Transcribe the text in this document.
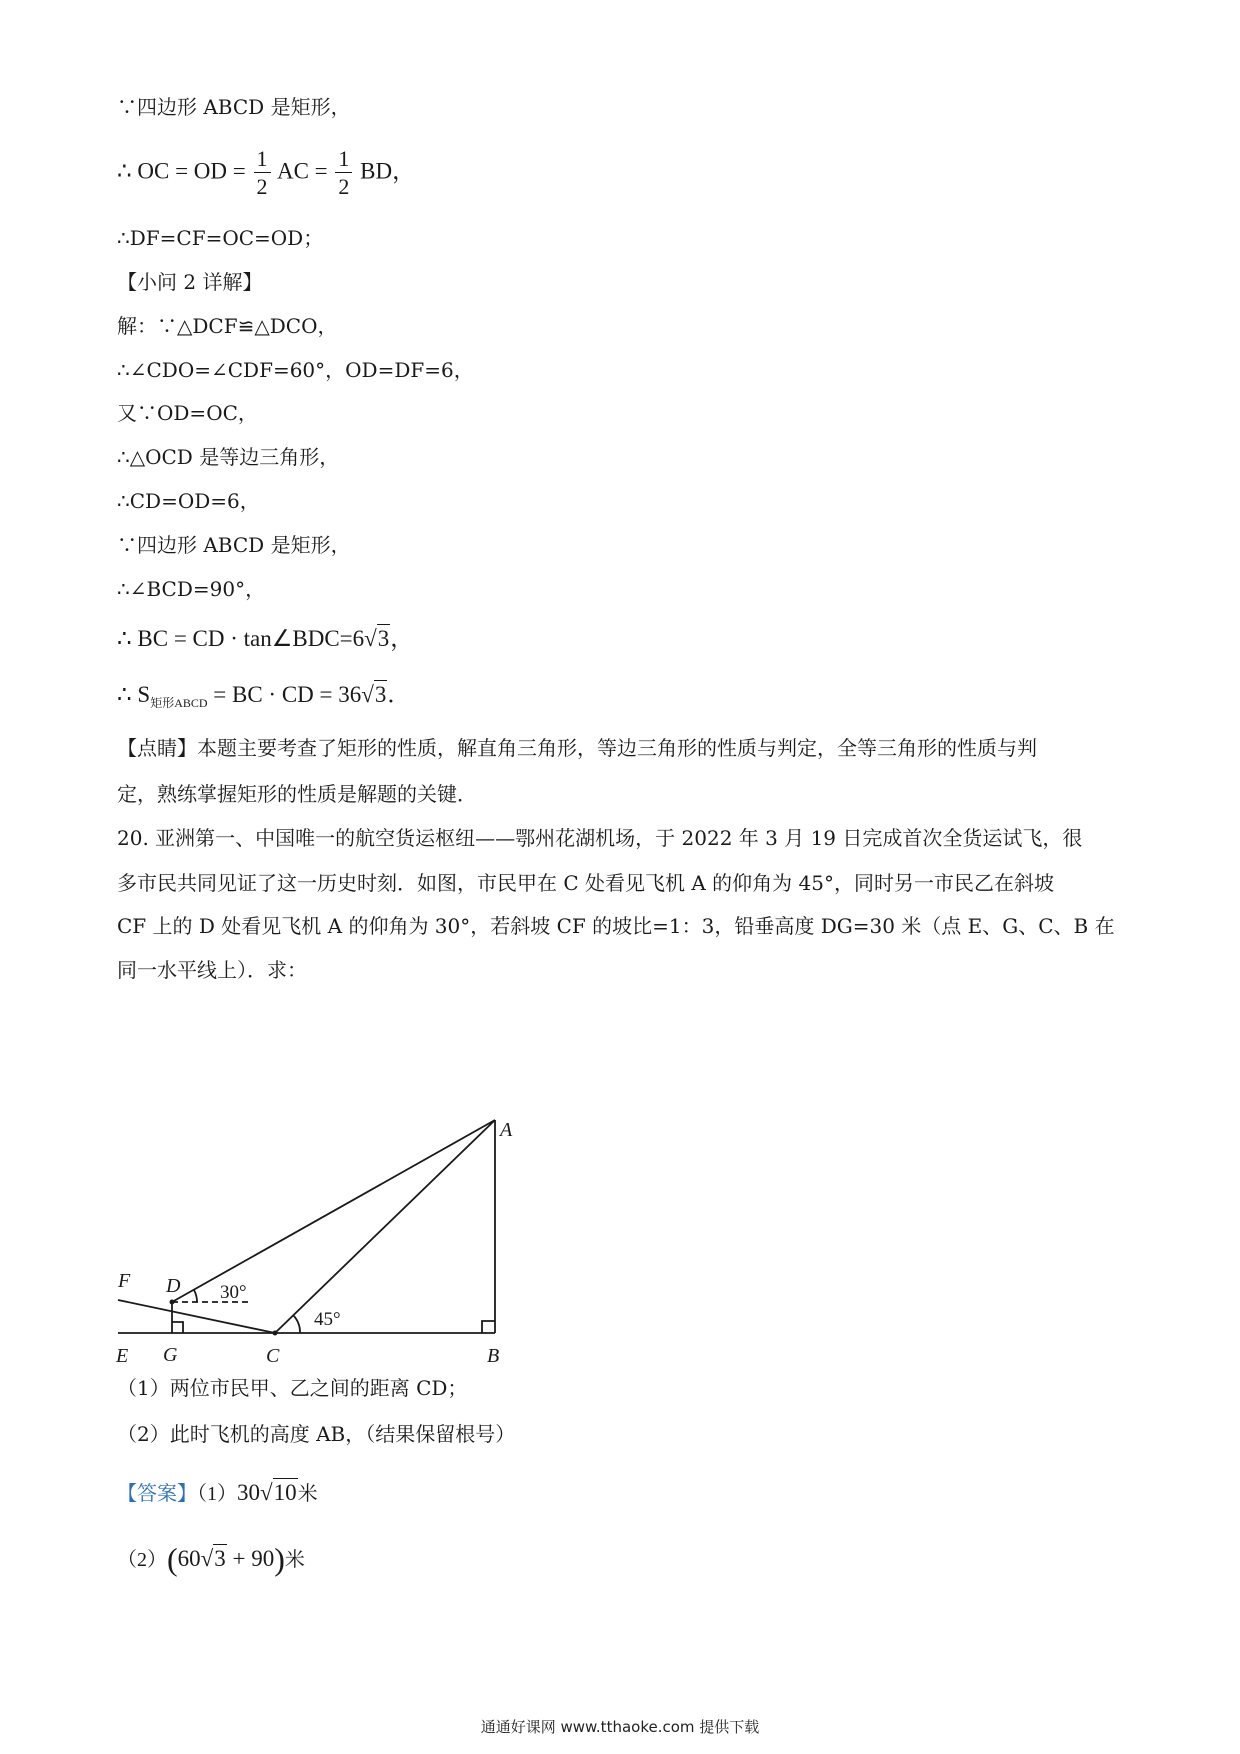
∵四边形 ABCD 是矩形，
∴ OC = OD = $\frac{1}{2}$ AC = $\frac{1}{2}$ BD，
∴DF=CF=OC=OD；
【小问 2 详解】
解：∵△DCF≌△DCO，
∴∠CDO=∠CDF=60°，OD=DF=6，
又∵OD=OC，
∴△OCD 是等边三角形，
∴CD=OD=6，
∵四边形 ABCD 是矩形，
∴∠BCD=90°，
∴ BC = CD · tan∠BDC=6√3，
∴ $S_{矩形ABCD}$ = BC · CD = 36√3．
【点睛】本题主要考查了矩形的性质，解直角三角形，等边三角形的性质与判定，全等三角形的性质与判
定，熟练掌握矩形的性质是解题的关键．
20. 亚洲第一、中国唯一的航空货运枢纽——鄂州花湖机场，于 2022 年 3 月 19 日完成首次全货运试飞，很
多市民共同见证了这一历史时刻．如图，市民甲在 C 处看见飞机 A 的仰角为 45°，同时另一市民乙在斜坡
CF 上的 D 处看见飞机 A 的仰角为 30°，若斜坡 CF 的坡比=1：3，铅垂高度 DG=30 米（点 E、G、C、B 在
同一水平线上）．求：
A
B
C
D
E
F
G
30°
45°
（1）两位市民甲、乙之间的距离 CD；
（2）此时飞机的高度 AB，（结果保留根号）
【答案】（1）30√10米
（2）(60√3 + 90)米
通通好课网 www.tthaoke.com 提供下载
